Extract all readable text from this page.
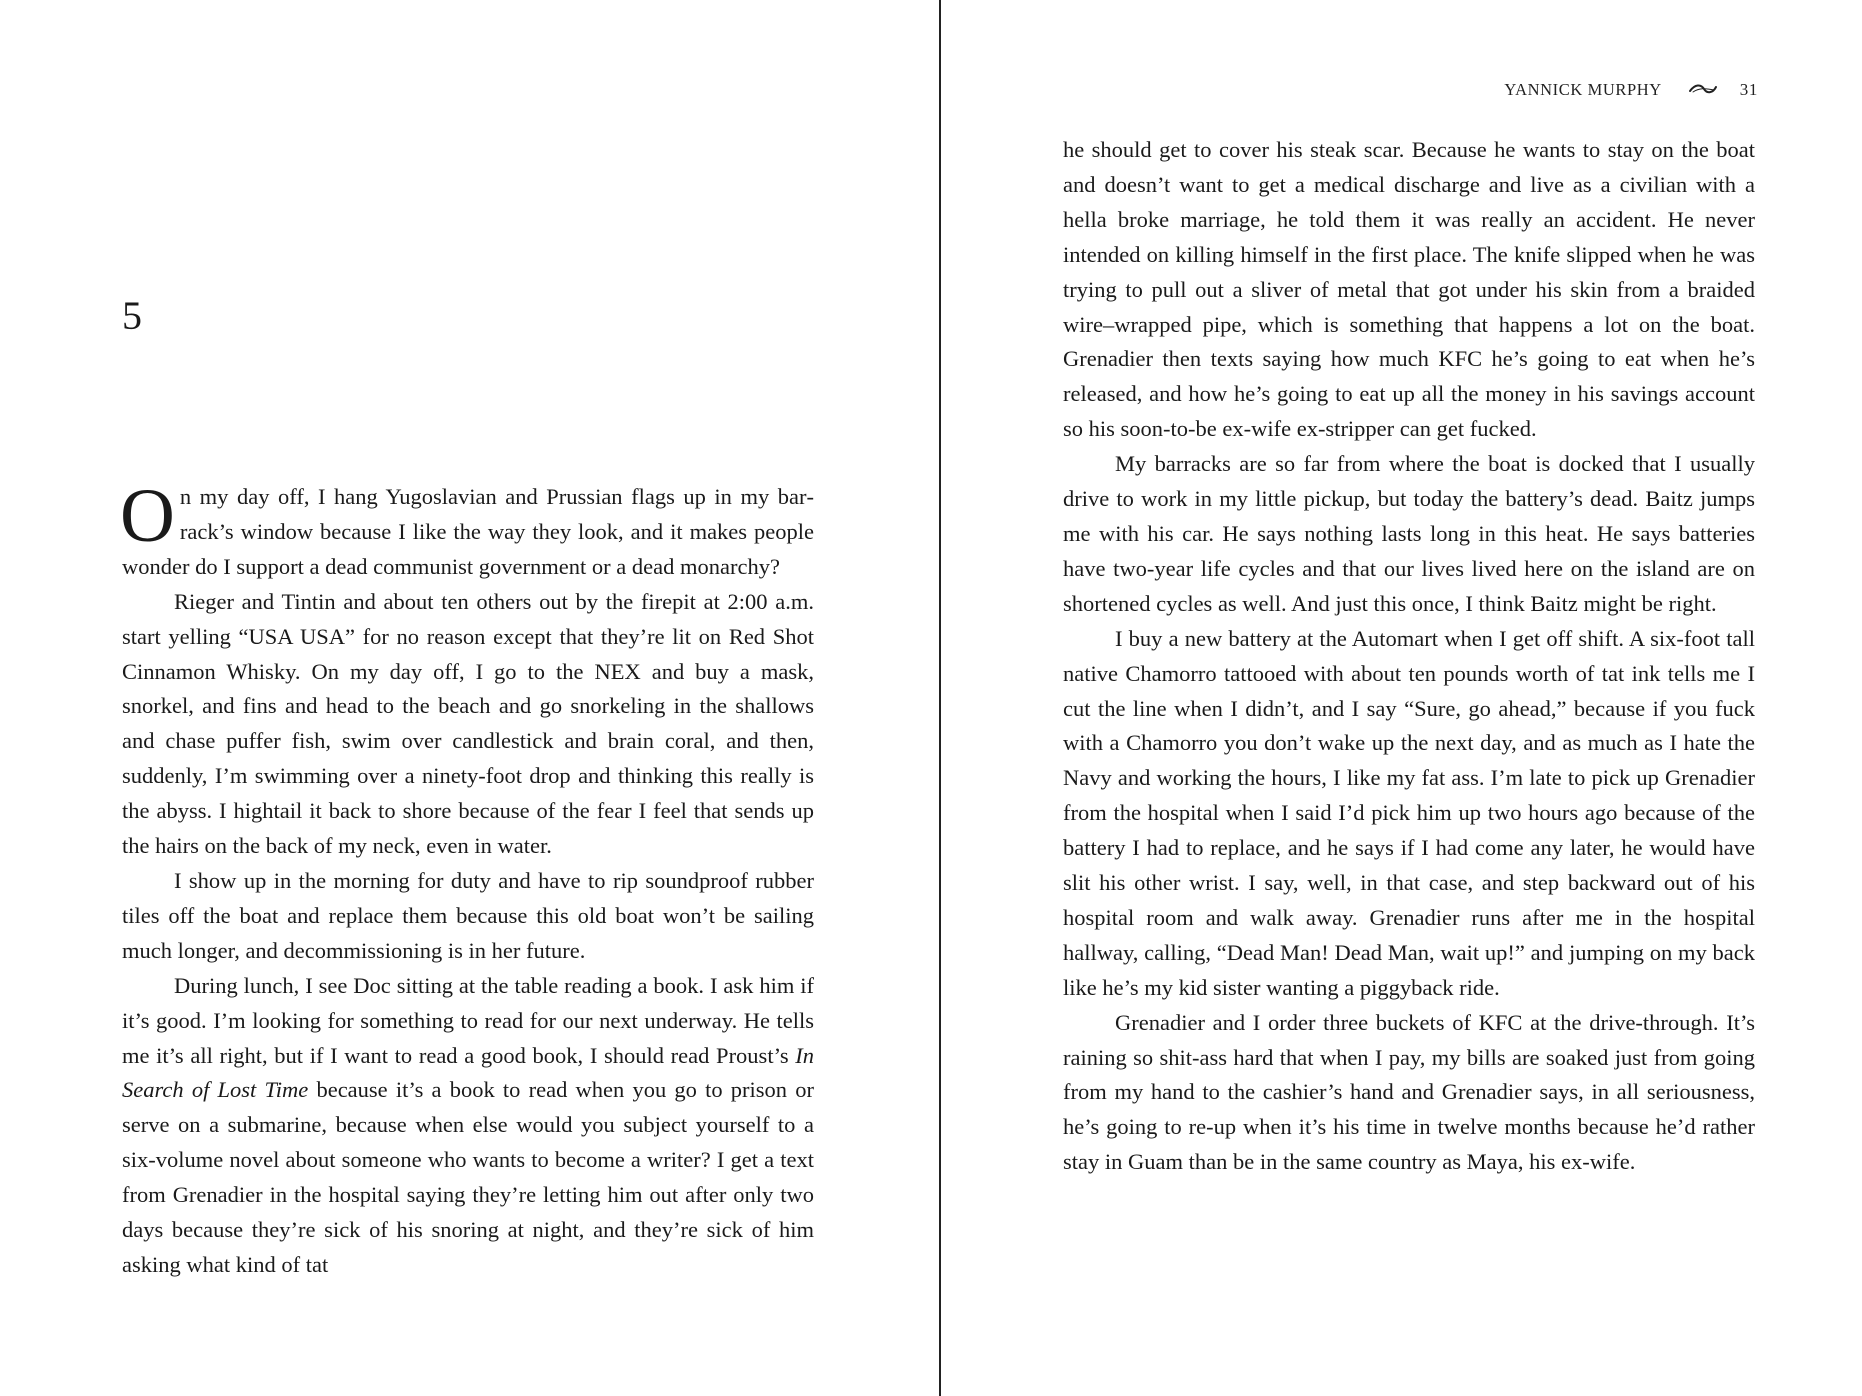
5

On my day off, I hang Yugoslavian and Prussian flags up in my barrack’s window because I like the way they look, and it makes people wonder do I support a dead communist government or a dead monarchy?

Rieger and Tintin and about ten others out by the firepit at 2:00 a.m. start yelling “USA USA” for no reason except that they’re lit on Red Shot Cinnamon Whisky. On my day off, I go to the NEX and buy a mask, snorkel, and fins and head to the beach and go snorkeling in the shallows and chase puffer fish, swim over candlestick and brain coral, and then, suddenly, I’m swimming over a ninety-foot drop and thinking this really is the abyss. I hightail it back to shore because of the fear I feel that sends up the hairs on the back of my neck, even in water.

I show up in the morning for duty and have to rip soundproof rubber tiles off the boat and replace them because this old boat won’t be sailing much longer, and decommissioning is in her future.

During lunch, I see Doc sitting at the table reading a book. I ask him if it’s good. I’m looking for something to read for our next underway. He tells me it’s all right, but if I want to read a good book, I should read Proust’s In Search of Lost Time because it’s a book to read when you go to prison or serve on a submarine, because when else would you subject yourself to a six-volume novel about someone who wants to become a writer? I get a text from Grenadier in the hospital saying they’re letting him out after only two days because they’re sick of his snoring at night, and they’re sick of him asking what kind of tat

YANNICK MURPHY	31

he should get to cover his steak scar. Because he wants to stay on the boat and doesn’t want to get a medical discharge and live as a civilian with a hella broke marriage, he told them it was really an accident. He never intended on killing himself in the first place. The knife slipped when he was trying to pull out a sliver of metal that got under his skin from a braided wire–wrapped pipe, which is something that happens a lot on the boat. Grenadier then texts saying how much KFC he’s going to eat when he’s released, and how he’s going to eat up all the money in his savings account so his soon-to-be ex-wife ex-stripper can get fucked.

My barracks are so far from where the boat is docked that I usually drive to work in my little pickup, but today the battery’s dead. Baitz jumps me with his car. He says nothing lasts long in this heat. He says batteries have two-year life cycles and that our lives lived here on the island are on shortened cycles as well. And just this once, I think Baitz might be right.

I buy a new battery at the Automart when I get off shift. A six-foot tall native Chamorro tattooed with about ten pounds worth of tat ink tells me I cut the line when I didn’t, and I say “Sure, go ahead,” because if you fuck with a Chamorro you don’t wake up the next day, and as much as I hate the Navy and working the hours, I like my fat ass. I’m late to pick up Grenadier from the hospital when I said I’d pick him up two hours ago because of the battery I had to replace, and he says if I had come any later, he would have slit his other wrist. I say, well, in that case, and step backward out of his hospital room and walk away. Grenadier runs after me in the hospital hallway, calling, “Dead Man! Dead Man, wait up!” and jumping on my back like he’s my kid sister wanting a piggyback ride.

Grenadier and I order three buckets of KFC at the drive-through. It’s raining so shit-ass hard that when I pay, my bills are soaked just from going from my hand to the cashier’s hand and Grenadier says, in all seriousness, he’s going to re-up when it’s his time in twelve months because he’d rather stay in Guam than be in the same country as Maya, his ex-wife.
